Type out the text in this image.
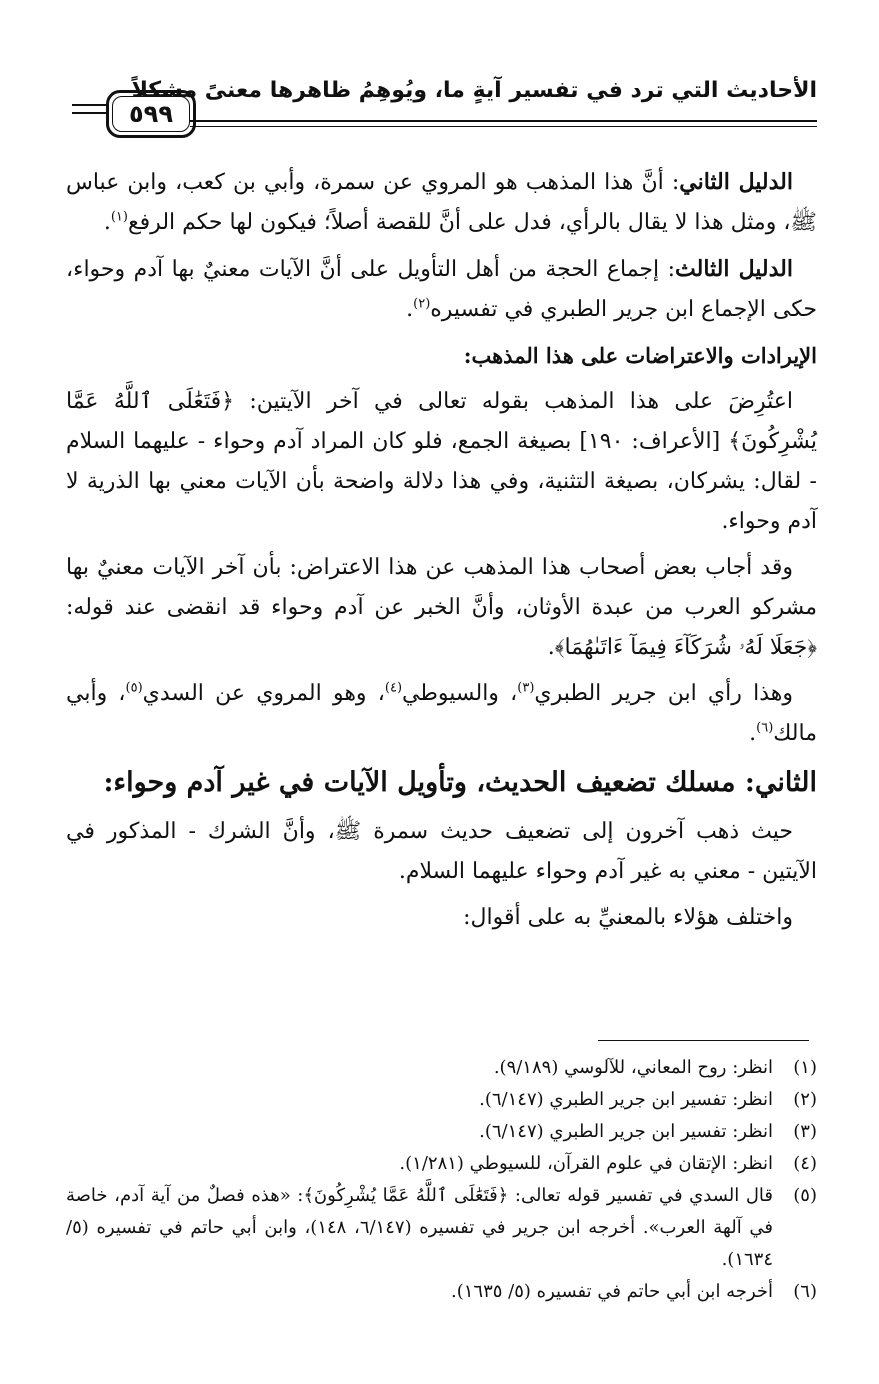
الأحاديث التي ترد في تفسير آيةٍ ما، ويُوهِمُ ظاهرها معنىً مشكلاً
٥٩٩

الدليل الثاني: أنَّ هذا المذهب هو المروي عن سمرة، وأبي بن كعب، وابن عباس ﷺ، ومثل هذا لا يقال بالرأي، فدل على أنَّ للقصة أصلاً؛ فيكون لها حكم الرفع$^{(١)}$.

الدليل الثالث: إجماع الحجة من أهل التأويل على أنَّ الآيات معنيٌ بها آدم وحواء، حكى الإجماع ابن جرير الطبري في تفسيره$^{(٢)}$.

الإيرادات والاعتراضات على هذا المذهب:

اعتُرِضَ على هذا المذهب بقوله تعالى في آخر الآيتين: ﴿فَتَعَٰلَى ٱللَّهُ عَمَّا يُشْرِكُونَ﴾ [الأعراف: ١٩٠] بصيغة الجمع، فلو كان المراد آدم وحواء - عليهما السلام - لقال: يشركان، بصيغة التثنية، وفي هذا دلالة واضحة بأن الآيات معني بها الذرية لا آدم وحواء.

وقد أجاب بعض أصحاب هذا المذهب عن هذا الاعتراض: بأن آخر الآيات معنيٌ بها مشركو العرب من عبدة الأوثان، وأنَّ الخبر عن آدم وحواء قد انقضى عند قوله: ﴿جَعَلَا لَهُۥ شُرَكَآءَ فِيمَآ ءَاتَىٰهُمَا﴾.

وهذا رأي ابن جرير الطبري$^{(٣)}$، والسيوطي$^{(٤)}$، وهو المروي عن السدي$^{(٥)}$، وأبي مالك$^{(٦)}$.

الثاني: مسلك تضعيف الحديث، وتأويل الآيات في غير آدم وحواء:

حيث ذهب آخرون إلى تضعيف حديث سمرة ﷺ، وأنَّ الشرك - المذكور في الآيتين - معني به غير آدم وحواء عليهما السلام.

واختلف هؤلاء بالمعنيِّ به على أقوال:

(١)
انظر: روح المعاني، للآلوسي (٩/١٨٩).
(٢)
انظر: تفسير ابن جرير الطبري (٦/١٤٧).
(٣)
انظر: تفسير ابن جرير الطبري (٦/١٤٧).
(٤)
انظر: الإتقان في علوم القرآن، للسيوطي (١/٢٨١).
(٥)
قال السدي في تفسير قوله تعالى: ﴿فَتَعَٰلَى ٱللَّهُ عَمَّا يُشْرِكُونَ﴾: «هذه فصلٌ من آية آدم، خاصة في آلهة العرب». أخرجه ابن جرير في تفسيره (٦/١٤٧، ١٤٨)، وابن أبي حاتم في تفسيره (٥/ ١٦٣٤).
(٦)
أخرجه ابن أبي حاتم في تفسيره (٥/ ١٦٣٥).
